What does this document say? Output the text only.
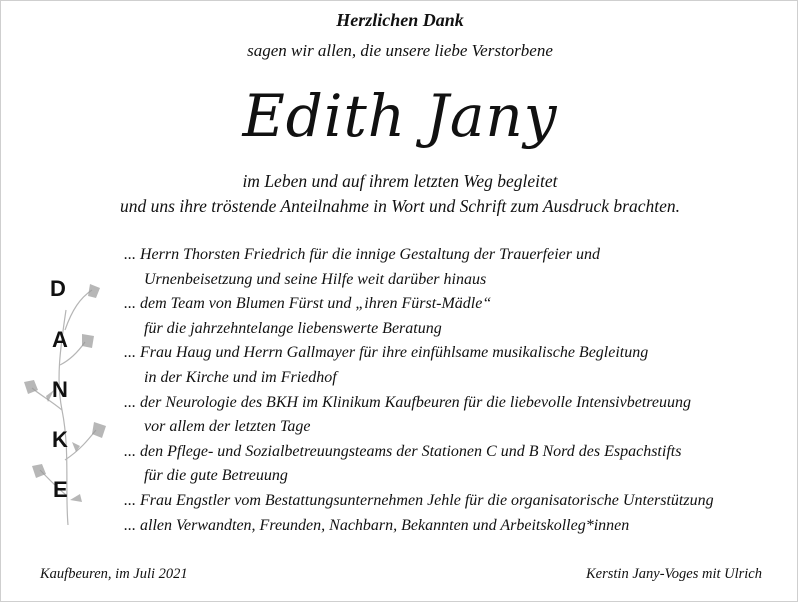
Herzlichen Dank
sagen wir allen, die unsere liebe Verstorbene
Edith Jany
im Leben und auf ihrem letzten Weg begleitet
und uns ihre tröstende Anteilnahme in Wort und Schrift zum Ausdruck brachten.
D
A
N
K
E
... Herrn Thorsten Friedrich für die innige Gestaltung der Trauerfeier und
Urnenbeisetzung und seine Hilfe weit darüber hinaus
... dem Team von Blumen Fürst und „ihren Fürst-Mädle“
für die jahrzehntelange liebenswerte Beratung
... Frau Haug und Herrn Gallmayer für ihre einfühlsame musikalische Begleitung
in der Kirche und im Friedhof
... der Neurologie des BKH im Klinikum Kaufbeuren für die liebevolle Intensivbetreuung
vor allem der letzten Tage
... den Pflege- und Sozialbetreuungsteams der Stationen C und B Nord des Espachstifts
für die gute Betreuung
... Frau Engstler vom Bestattungsunternehmen Jehle für die organisatorische Unterstützung
... allen Verwandten, Freunden, Nachbarn, Bekannten und Arbeitskolleg*innen
Kaufbeuren, im Juli 2021	Kerstin Jany-Voges mit Ulrich
